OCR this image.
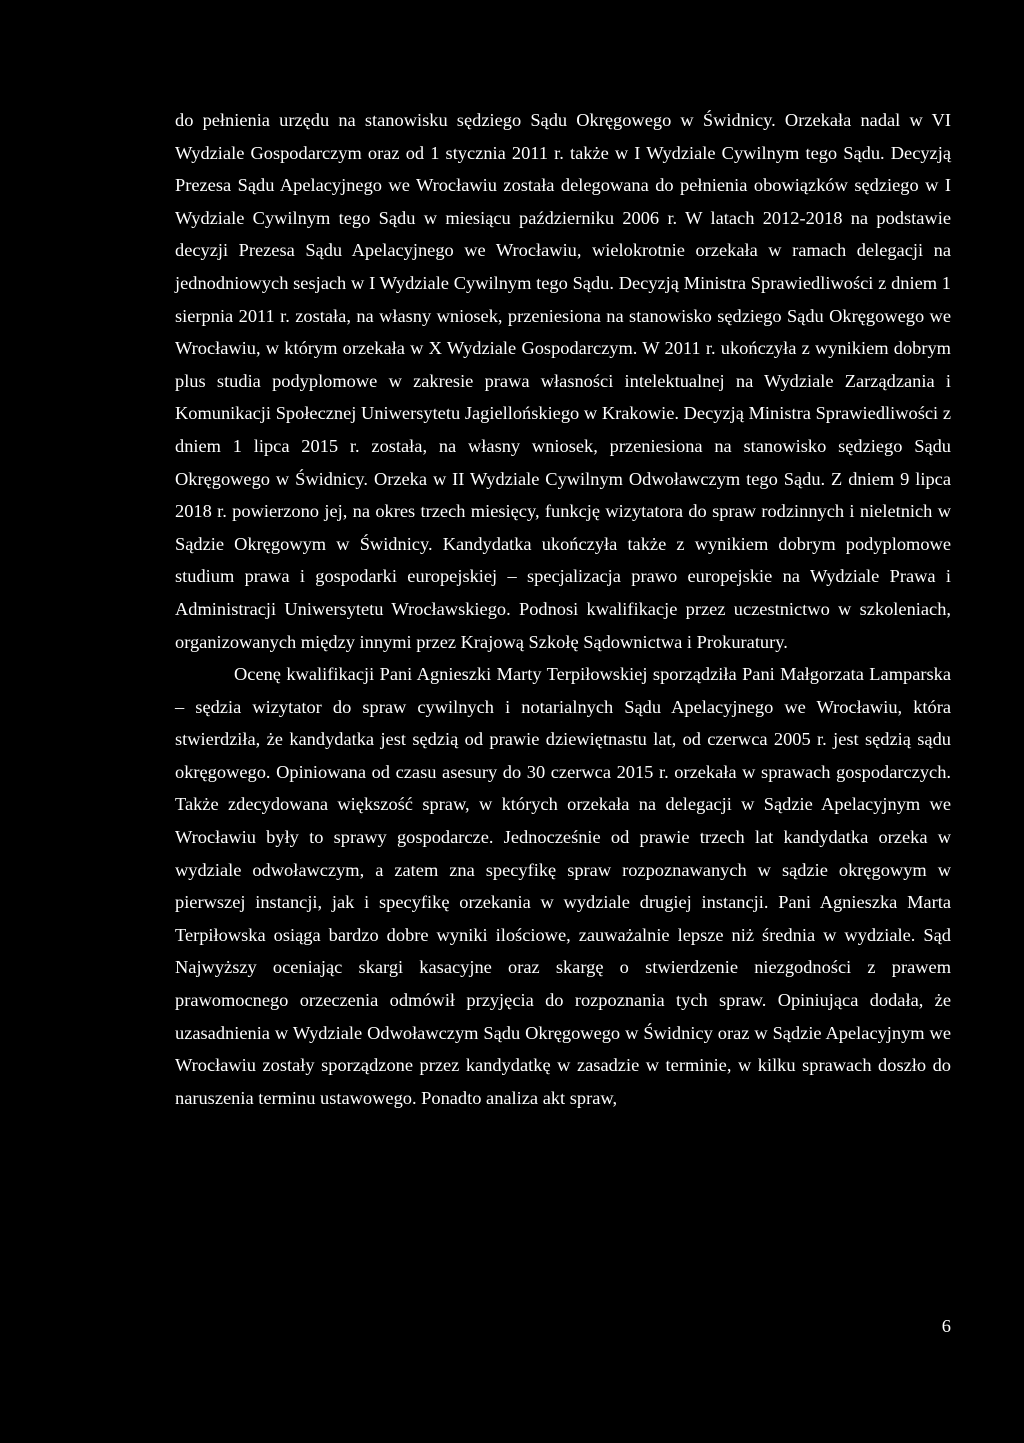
do pełnienia urzędu na stanowisku sędziego Sądu Okręgowego w Świdnicy. Orzekała nadal w VI Wydziale Gospodarczym oraz od 1 stycznia 2011 r. także w I Wydziale Cywilnym tego Sądu. Decyzją Prezesa Sądu Apelacyjnego we Wrocławiu została delegowana do pełnienia obowiązków sędziego w I Wydziale Cywilnym tego Sądu w miesiącu październiku 2006 r. W latach 2012-2018 na podstawie decyzji Prezesa Sądu Apelacyjnego we Wrocławiu, wielokrotnie orzekała w ramach delegacji na jednodniowych sesjach w I Wydziale Cywilnym tego Sądu. Decyzją Ministra Sprawiedliwości z dniem 1 sierpnia 2011 r. została, na własny wniosek, przeniesiona na stanowisko sędziego Sądu Okręgowego we Wrocławiu, w którym orzekała w X Wydziale Gospodarczym. W 2011 r. ukończyła z wynikiem dobrym plus studia podyplomowe w zakresie prawa własności intelektualnej na Wydziale Zarządzania i Komunikacji Społecznej Uniwersytetu Jagiellońskiego w Krakowie. Decyzją Ministra Sprawiedliwości z dniem 1 lipca 2015 r. została, na własny wniosek, przeniesiona na stanowisko sędziego Sądu Okręgowego w Świdnicy. Orzeka w II Wydziale Cywilnym Odwoławczym tego Sądu. Z dniem 9 lipca 2018 r. powierzono jej, na okres trzech miesięcy, funkcję wizytatora do spraw rodzinnych i nieletnich w Sądzie Okręgowym w Świdnicy. Kandydatka ukończyła także z wynikiem dobrym podyplomowe studium prawa i gospodarki europejskiej – specjalizacja prawo europejskie na Wydziale Prawa i Administracji Uniwersytetu Wrocławskiego. Podnosi kwalifikacje przez uczestnictwo w szkoleniach, organizowanych między innymi przez Krajową Szkołę Sądownictwa i Prokuratury.

Ocenę kwalifikacji Pani Agnieszki Marty Terpiłowskiej sporządziła Pani Małgorzata Lamparska – sędzia wizytator do spraw cywilnych i notarialnych Sądu Apelacyjnego we Wrocławiu, która stwierdziła, że kandydatka jest sędzią od prawie dziewiętnastu lat, od czerwca 2005 r. jest sędzią sądu okręgowego. Opiniowana od czasu asesury do 30 czerwca 2015 r. orzekała w sprawach gospodarczych. Także zdecydowana większość spraw, w których orzekała na delegacji w Sądzie Apelacyjnym we Wrocławiu były to sprawy gospodarcze. Jednocześnie od prawie trzech lat kandydatka orzeka w wydziale odwoławczym, a zatem zna specyfikę spraw rozpoznawanych w sądzie okręgowym w pierwszej instancji, jak i specyfikę orzekania w wydziale drugiej instancji. Pani Agnieszka Marta Terpiłowska osiąga bardzo dobre wyniki ilościowe, zauważalnie lepsze niż średnia w wydziale. Sąd Najwyższy oceniając skargi kasacyjne oraz skargę o stwierdzenie niezgodności z prawem prawomocnego orzeczenia odmówił przyjęcia do rozpoznania tych spraw. Opiniująca dodała, że uzasadnienia w Wydziale Odwoławczym Sądu Okręgowego w Świdnicy oraz w Sądzie Apelacyjnym we Wrocławiu zostały sporządzone przez kandydatkę w zasadzie w terminie, w kilku sprawach doszło do naruszenia terminu ustawowego. Ponadto analiza akt spraw,

6
